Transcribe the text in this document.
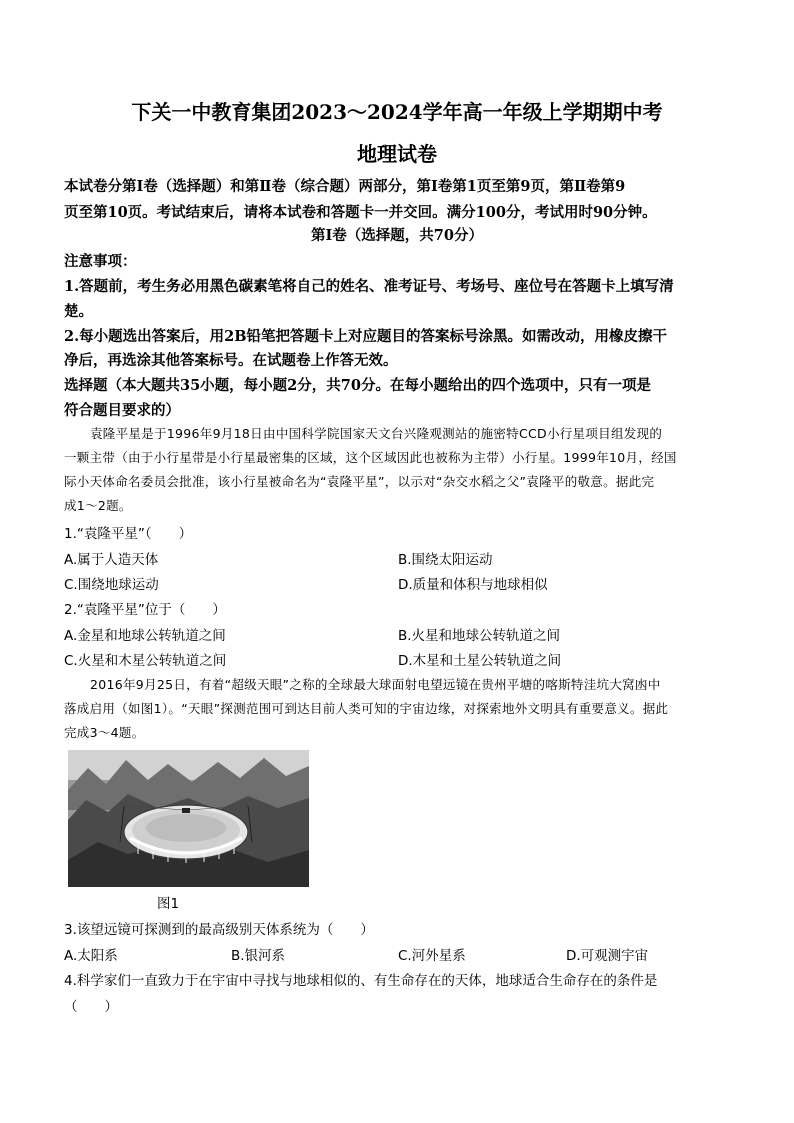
下关一中教育集团2023～2024学年高一年级上学期期中考
地理试卷
本试卷分第Ⅰ卷（选择题）和第Ⅱ卷（综合题）两部分，第Ⅰ卷第1页至第9页，第Ⅱ卷第9
页至第10页。考试结束后，请将本试卷和答题卡一并交回。满分100分，考试用时90分钟。
第Ⅰ卷（选择题，共70分）
注意事项：
1.答题前，考生务必用黑色碳素笔将自己的姓名、准考证号、考场号、座位号在答题卡上填写清
楚。
2.每小题选出答案后，用2B铅笔把答题卡上对应题目的答案标号涂黑。如需改动，用橡皮擦干
净后，再选涂其他答案标号。在试题卷上作答无效。
选择题（本大题共35小题，每小题2分，共70分。在每小题给出的四个选项中，只有一项是
符合题目要求的）
袁隆平星是于1996年9月18日由中国科学院国家天文台兴隆观测站的施密特CCD小行星项目组发现的
一颗主带（由于小行星带是小行星最密集的区域，这个区域因此也被称为主带）小行星。1999年10月，经国
际小天体命名委员会批准，该小行星被命名为“袁隆平星”，以示对“杂交水稻之父”袁隆平的敬意。据此完
成1～2题。
1.“袁隆平星”（　　）
A.属于人造天体	B.围绕太阳运动
C.围绕地球运动	D.质量和体积与地球相似
2.“袁隆平星”位于（　　）
A.金星和地球公转轨道之间	B.火星和地球公转轨道之间
C.火星和木星公转轨道之间	D.木星和土星公转轨道之间
2016年9月25日，有着“超级天眼”之称的全球最大球面射电望远镜在贵州平塘的喀斯特洼坑大窝凼中
落成启用（如图1）。“天眼”探测范围可到达目前人类可知的宇宙边缘，对探索地外文明具有重要意义。据此
完成3～4题。
图1
3.该望远镜可探测到的最高级别天体系统为（　　）
A.太阳系	B.银河系	C.河外星系	D.可观测宇宙
4.科学家们一直致力于在宇宙中寻找与地球相似的、有生命存在的天体，地球适合生命存在的条件是
（　　）
